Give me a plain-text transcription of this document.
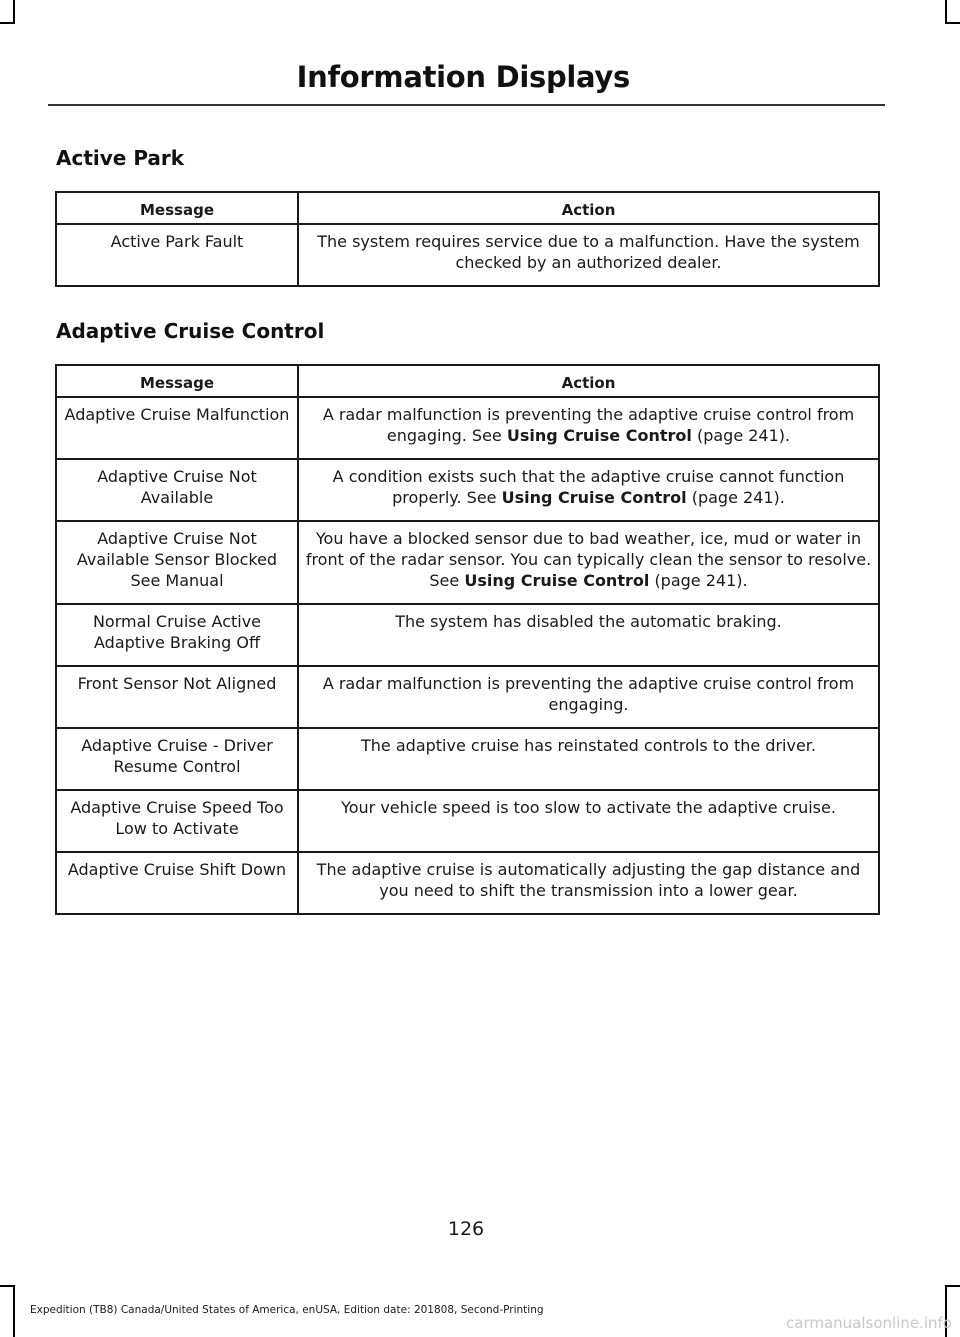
Information Displays
Active Park
Message	Action
Active Park Fault	The system requires service due to a malfunction. Have the system checked by an authorized dealer.
Adaptive Cruise Control
Message	Action
Adaptive Cruise Malfunction	A radar malfunction is preventing the adaptive cruise control from engaging. See Using Cruise Control (page 241).
Adaptive Cruise Not Available	A condition exists such that the adaptive cruise cannot function properly. See Using Cruise Control (page 241).
Adaptive Cruise Not Available Sensor Blocked See Manual	You have a blocked sensor due to bad weather, ice, mud or water in front of the radar sensor. You can typically clean the sensor to resolve. See Using Cruise Control (page 241).
Normal Cruise Active Adaptive Braking Off	The system has disabled the automatic braking.
Front Sensor Not Aligned	A radar malfunction is preventing the adaptive cruise control from engaging.
Adaptive Cruise - Driver Resume Control	The adaptive cruise has reinstated controls to the driver.
Adaptive Cruise Speed Too Low to Activate	Your vehicle speed is too slow to activate the adaptive cruise.
Adaptive Cruise Shift Down	The adaptive cruise is automatically adjusting the gap distance and you need to shift the transmission into a lower gear.
126
Expedition (TB8) Canada/United States of America, enUSA, Edition date: 201808, Second-Printing
carmanualsonline.info
